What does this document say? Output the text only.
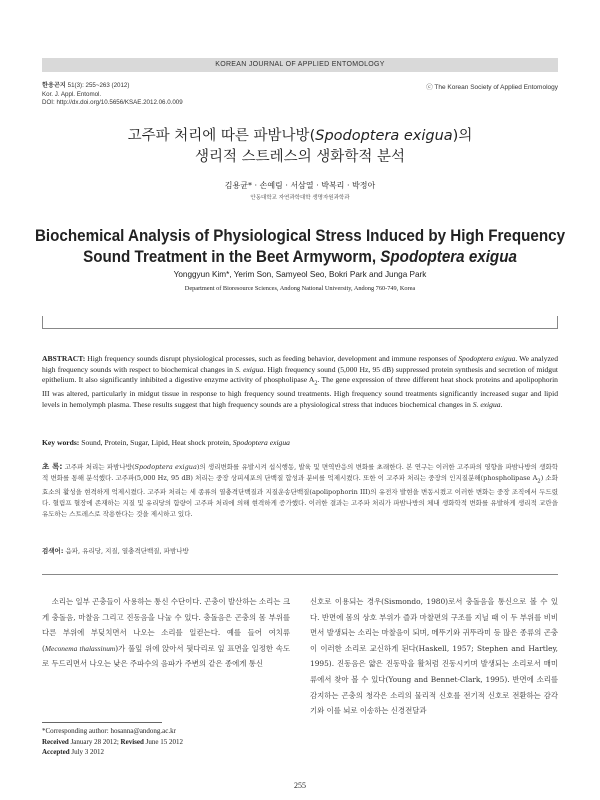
KOREAN JOURNAL OF APPLIED ENTOMOLOGY
한응곤지 51(3): 255~263 (2012)
Kor. J. Appl. Entomol.
DOI: http://dx.doi.org/10.5656/KSAE.2012.06.0.009
ⓒ The Korean Society of Applied Entomology
고주파 처리에 따른 파밤나방(Spodoptera exigua)의
생리적 스트레스의 생화학적 분석
김용균* · 손예림 · 서삼열 · 박복리 · 박정아
안동대학교 자연과학대학 생명자원과학과
Biochemical Analysis of Physiological Stress Induced by High Frequency
Sound Treatment in the Beet Armyworm, Spodoptera exigua
Yonggyun Kim*, Yerim Son, Samyeol Seo, Bokri Park and Junga Park
Department of Bioresource Sciences, Andong National University, Andong 760-749, Korea
ABSTRACT: High frequency sounds disrupt physiological processes, such as feeding behavior, development and immune responses of Spodoptera exigua. We analyzed high frequency sounds with respect to biochemical changes in S. exigua. High frequency sound (5,000 Hz, 95 dB) suppressed protein synthesis and secretion of midgut epithelium. It also significantly inhibited a digestive enzyme activity of phospholipase $A_2$. The gene expression of three different heat shock proteins and apolipophorin III was altered, particularly in midgut tissue in response to high frequency sound treatments. High frequency sound treatments significantly increased sugar and lipid levels in hemolymph plasma. These results suggest that high frequency sounds are a physiological stress that induces biochemical changes in S. exigua.
Key words: Sound, Protein, Sugar, Lipid, Heat shock protein, Spodoptera exigua
초 록: 고주파 처리는 파밤나방(Spodoptera exigua)의 생리변화를 유발시켜 섭식행동, 발육 및 면역반응의 변화를 초래한다. 본 연구는 이러한 고주파의 영향을 파밤나방의 생화학적 변화를 통해 분석했다. 고주파(5,000 Hz, 95 dB) 처리는 중장 상피세포의 단백질 합성과 분비를 억제시켰다. 또한 이 고주파 처리는 중장의 인지질분해(phospholipase $A_2$) 소화효소의 활성을 현격하게 억제시켰다. 고주파 처리는 세 종류의 열충격단백질과 지질운송단백질(apolipophorin III)의 유전자 발현을 변동시켰고 이러한 변화는 중장 조직에서 두드렸다. 혈림프 혈장에 존재하는 지질 및 유리당의 함량이 고주파 처리에 의해 현격하게 증가했다. 이러한 결과는 고주파 처리가 파밤나방의 체내 생화학적 변화를 유발하게 생리적 교란을 유도하는 스트레스로 작용한다는 것을 제시하고 있다.
검색어: 음파, 유리당, 지질, 열충격단백질, 파밤나방
소리는 일부 곤충들이 사용하는 통신 수단이다. 곤충이 발산하는 소리는 크게 충돌음, 마찰음 그리고 진동음을 나눌 수 있다. 충돌음은 곤충의 몸 부위를 다른 부위에 부딪치면서 나오는 소리를 일컫는다. 예를 들어 여치류(Meconema thalassinum)가 풀잎 위에 앉아서 뒷다리로 잎 표면을 일정한 속도로 두드리면서 나오는 낮은 주파수의 음파가 주변의 같은 종에게 통신
신호로 이용되는 경우(Sismondo, 1980)로서 충돌음을 통신으로 볼 수 있다. 반면에 몸의 상호 부위가 즐과 마찰편의 구조를 지닐 때 이 두 부위를 비비면서 발생되는 소리는 마찰음이 되며, 메뚜기와 귀뚜라미 등 많은 종류의 곤충이 이러한 소리로 교신하게 된다(Haskell, 1957; Stephen and Hartley, 1995). 진동음은 얇은 진동막을 활처럼 진동시키며 발생되는 소리로서 매미류에서 찾아 볼 수 있다(Young and Bennet-Clark, 1995). 반면에 소리를 감지하는 곤충의 청각은 소리의 물리적 신호를 전기적 신호로 전환하는 감각기와 이를 뇌로 이송하는 신경전달과
*Corresponding author: hosanna@andong.ac.kr
Received January 28 2012; Revised June 15 2012
Accepted July 3 2012
255
